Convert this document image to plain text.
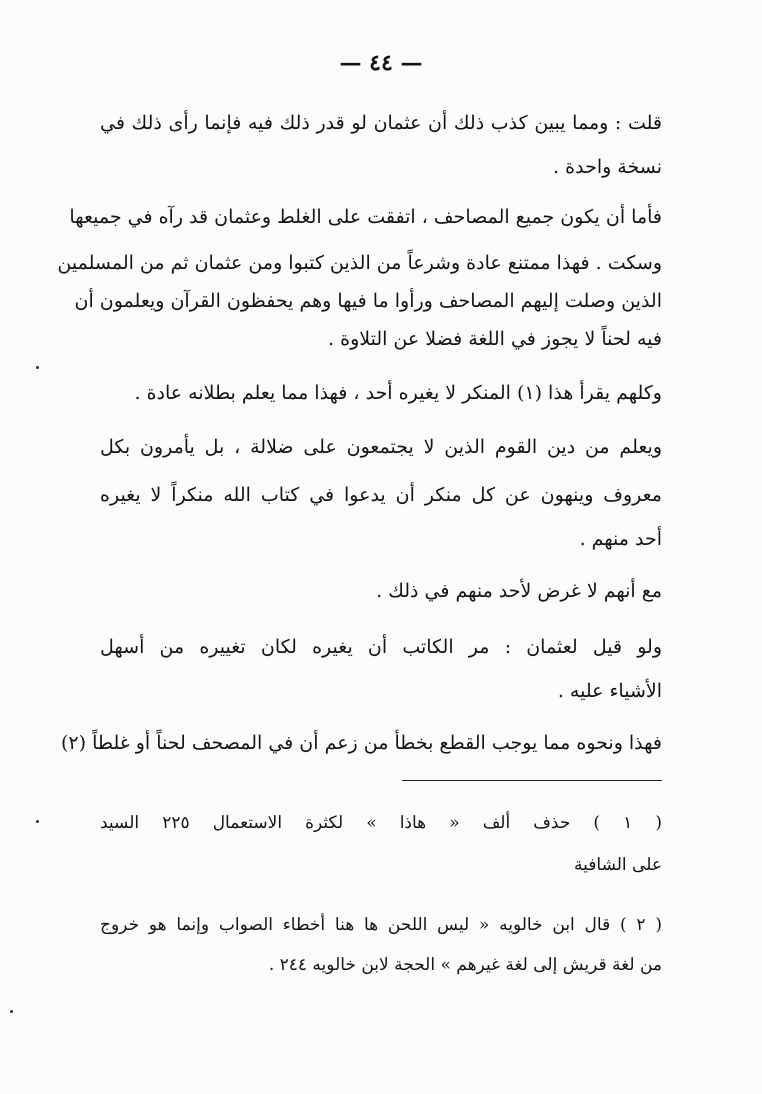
— ٤٤ —
قلت : ومما يبين كذب ذلك أن عثمان لو قدر ذلك فيه فإنما رأى ذلك في
نسخة واحدة .
فأما أن يكون جميع المصاحف ، اتفقت على الغلط وعثمان قد رآه في جميعها
وسكت . فهذا ممتنع عادة وشرعاً من الذين كتبوا ومن عثمان ثم من المسلمين
الذين وصلت إليهم المصاحف ورأوا ما فيها وهم يحفظون القرآن ويعلمون أن
فيه لحناً لا يجوز في اللغة فضلا عن التلاوة .
وكلهم يقرأ هذا (١) المنكر لا يغيره أحد ، فهذا مما يعلم بطلانه عادة .
ويعلم من دين القوم الذين لا يجتمعون على ضلالة ، بل يأمرون بكل
معروف وينهون عن كل منكر أن يدعوا في كتاب الله منكراً لا يغيره
أحد منهم .
مع أنهم لا غرض لأحد منهم في ذلك .
ولو قيل لعثمان : مر الكاتب أن يغيره لكان تغييره من أسهل
الأشياء عليه .
فهذا ونحوه مما يوجب القطع بخطأ من زعم أن في المصحف لحناً أو غلطاً (٢)
( ١ ) حذف ألف « هاذا » لكثرة الاستعمال ٢٢٥ السيد
على الشافية
( ٢ ) قال ابن خالويه « ليس اللحن ها هنا أخطاء الصواب وإنما هو خروج
من لغة قريش إلى لغة غيرهم » الحجة لابن خالويه ٢٤٤ .
